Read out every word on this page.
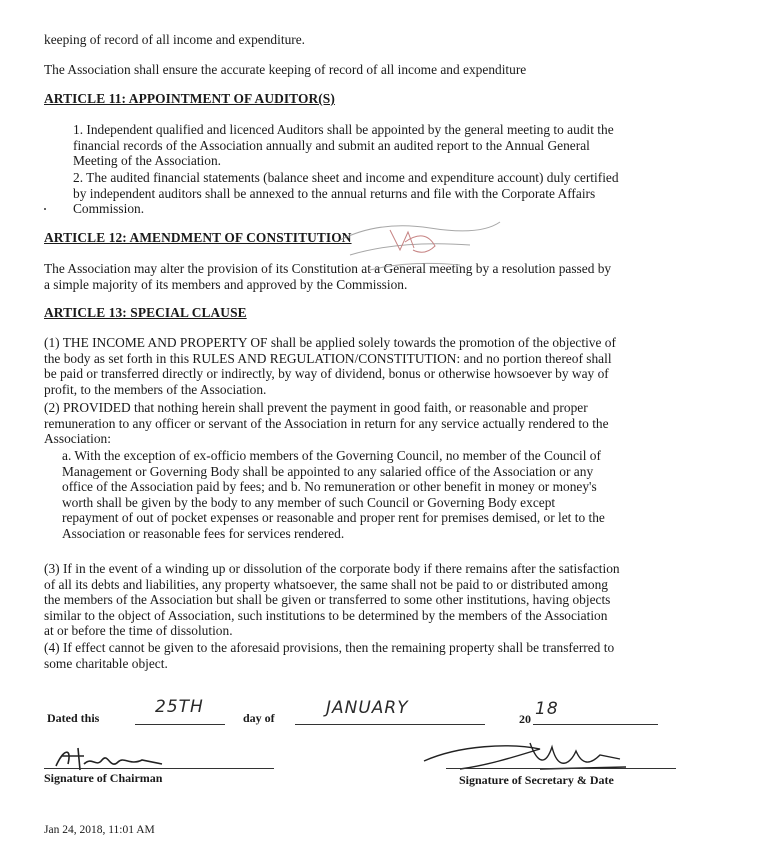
keeping of record of all income and expenditure.

The Association shall ensure the accurate keeping of record of all income and expenditure

ARTICLE 11: APPOINTMENT OF AUDITOR(S)

1. Independent qualified and licenced Auditors shall be appointed by the general meeting to audit the
financial records of the Association annually and submit an audited report to the Annual General
Meeting of the Association.

2. The audited financial statements (balance sheet and income and expenditure account) duly certified
by independent auditors shall be annexed to the annual returns and file with the Corporate Affairs
Commission.

ARTICLE 12: AMENDMENT OF CONSTITUTION

The Association may alter the provision of its Constitution at a General meeting by a resolution passed by
a simple majority of its members and approved by the Commission.

ARTICLE 13: SPECIAL CLAUSE

(1) THE INCOME AND PROPERTY OF shall be applied solely towards the promotion of the objective of
the body as set forth in this RULES AND REGULATION/CONSTITUTION: and no portion thereof shall
be paid or transferred directly or indirectly, by way of dividend, bonus or otherwise howsoever by way of
profit, to the members of the Association.

(2) PROVIDED that nothing herein shall prevent the payment in good faith, or reasonable and proper
remuneration to any officer or servant of the Association in return for any service actually rendered to the
Association:

a. With the exception of ex-officio members of the Governing Council, no member of the Council of
Management or Governing Body shall be appointed to any salaried office of the Association or any
office of the Association paid by fees; and b. No remuneration or other benefit in money or money's
worth shall be given by the body to any member of such Council or Governing Body except
repayment of out of pocket expenses or reasonable and proper rent for premises demised, or let to the
Association or reasonable fees for services rendered.

(3) If in the event of a winding up or dissolution of the corporate body if there remains after the satisfaction
of all its debts and liabilities, any property whatsoever, the same shall not be paid to or distributed among
the members of the Association but shall be given or transferred to some other institutions, having objects
similar to the object of Association, such institutions to be determined by the members of the Association
at or before the time of dissolution.

(4) If effect cannot be given to the aforesaid provisions, then the remaining property shall be transferred to
some charitable object.

Dated this
25TH
day of	JANUARY
20 18
Signature of Chairman	Signature of Secretary & Date
Jan 24, 2018, 11:01 AM
